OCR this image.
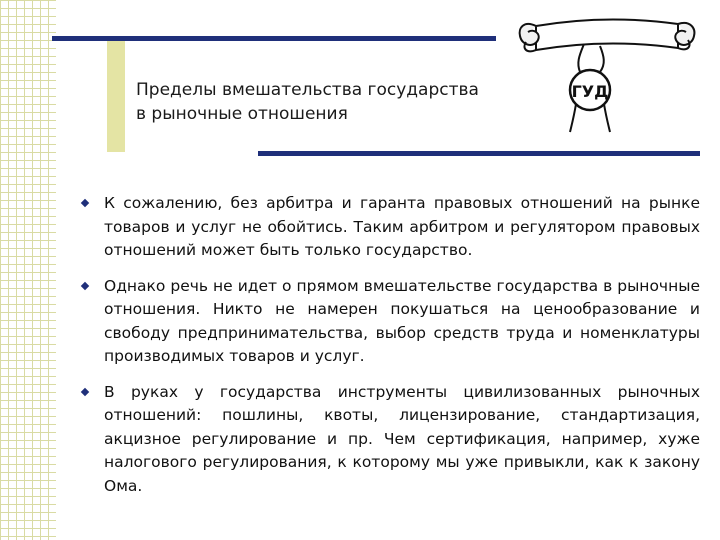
Пределы вмешательства государства
в рыночные отношения
ГУД
К сожалению, без арбитра и гаранта правовых отношений на рынке товаров и услуг не обойтись. Таким арбитром и регулятором правовых отношений может быть только государство.
Однако речь не идет о прямом вмешательстве государства в рыночные отношения. Никто не намерен покушаться на ценообразование и свободу предпринимательства, выбор средств труда и номенклатуры производимых товаров и услуг.
В руках у государства инструменты цивилизованных рыночных отношений: пошлины, квоты, лицензирование, стандартизация, акцизное регулирование и пр. Чем сертификация, например, хуже налогового регулирования, к которому мы уже привыкли, как к закону Ома.
